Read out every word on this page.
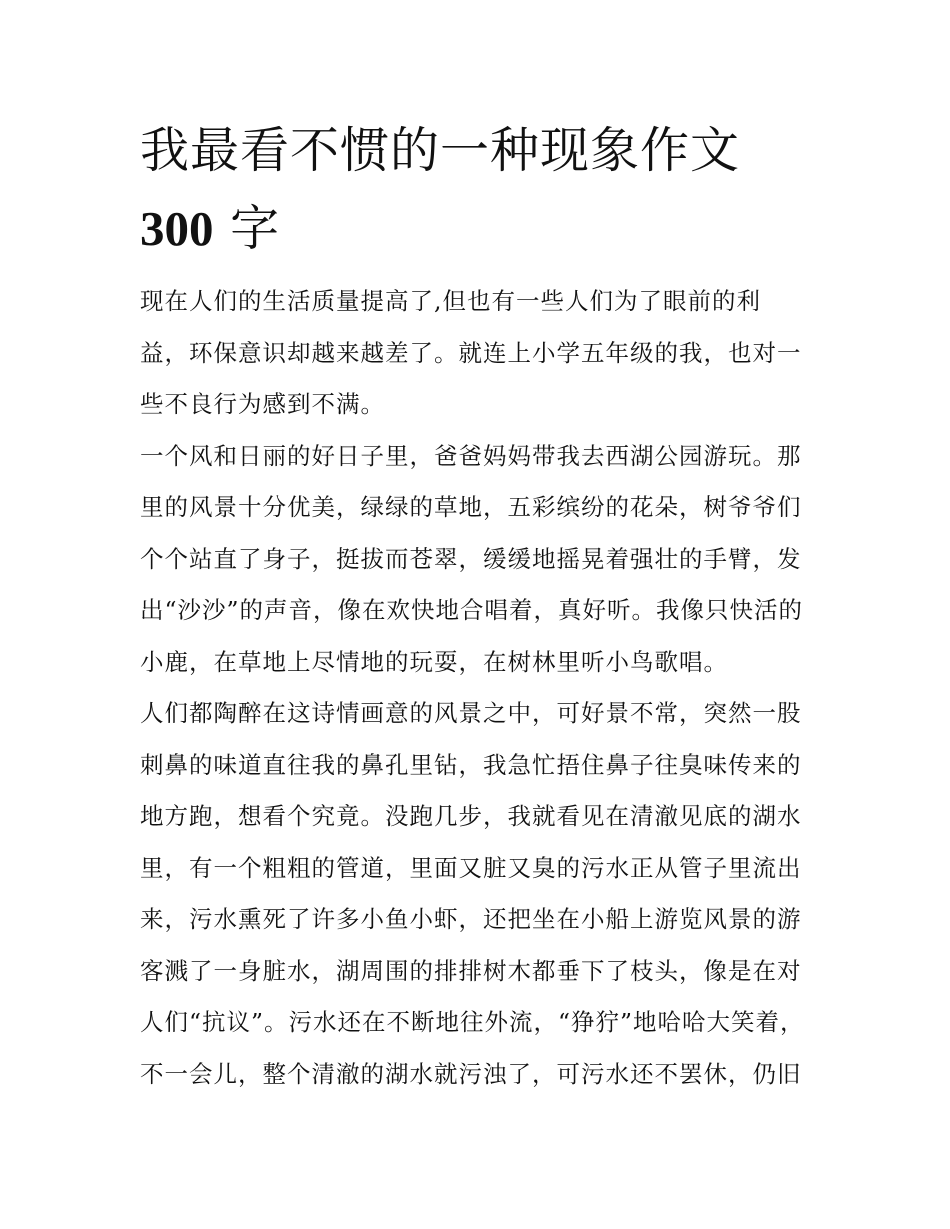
我最看不惯的一种现象作文
300 字
现在人们的生活质量提高了,但也有一些人们为了眼前的利
益，环保意识却越来越差了。就连上小学五年级的我，也对一
些不良行为感到不满。
一个风和日丽的好日子里，爸爸妈妈带我去西湖公园游玩。那
里的风景十分优美，绿绿的草地，五彩缤纷的花朵，树爷爷们
个个站直了身子，挺拔而苍翠，缓缓地摇晃着强壮的手臂，发
出“沙沙”的声音，像在欢快地合唱着，真好听。我像只快活的
小鹿，在草地上尽情地的玩耍，在树林里听小鸟歌唱。
人们都陶醉在这诗情画意的风景之中，可好景不常，突然一股
刺鼻的味道直往我的鼻孔里钻，我急忙捂住鼻子往臭味传来的
地方跑，想看个究竟。没跑几步，我就看见在清澈见底的湖水
里，有一个粗粗的管道，里面又脏又臭的污水正从管子里流出
来，污水熏死了许多小鱼小虾，还把坐在小船上游览风景的游
客溅了一身脏水，湖周围的排排树木都垂下了枝头，像是在对
人们“抗议”。污水还在不断地往外流，“狰狞”地哈哈大笑着，
不一会儿，整个清澈的湖水就污浊了，可污水还不罢休，仍旧
